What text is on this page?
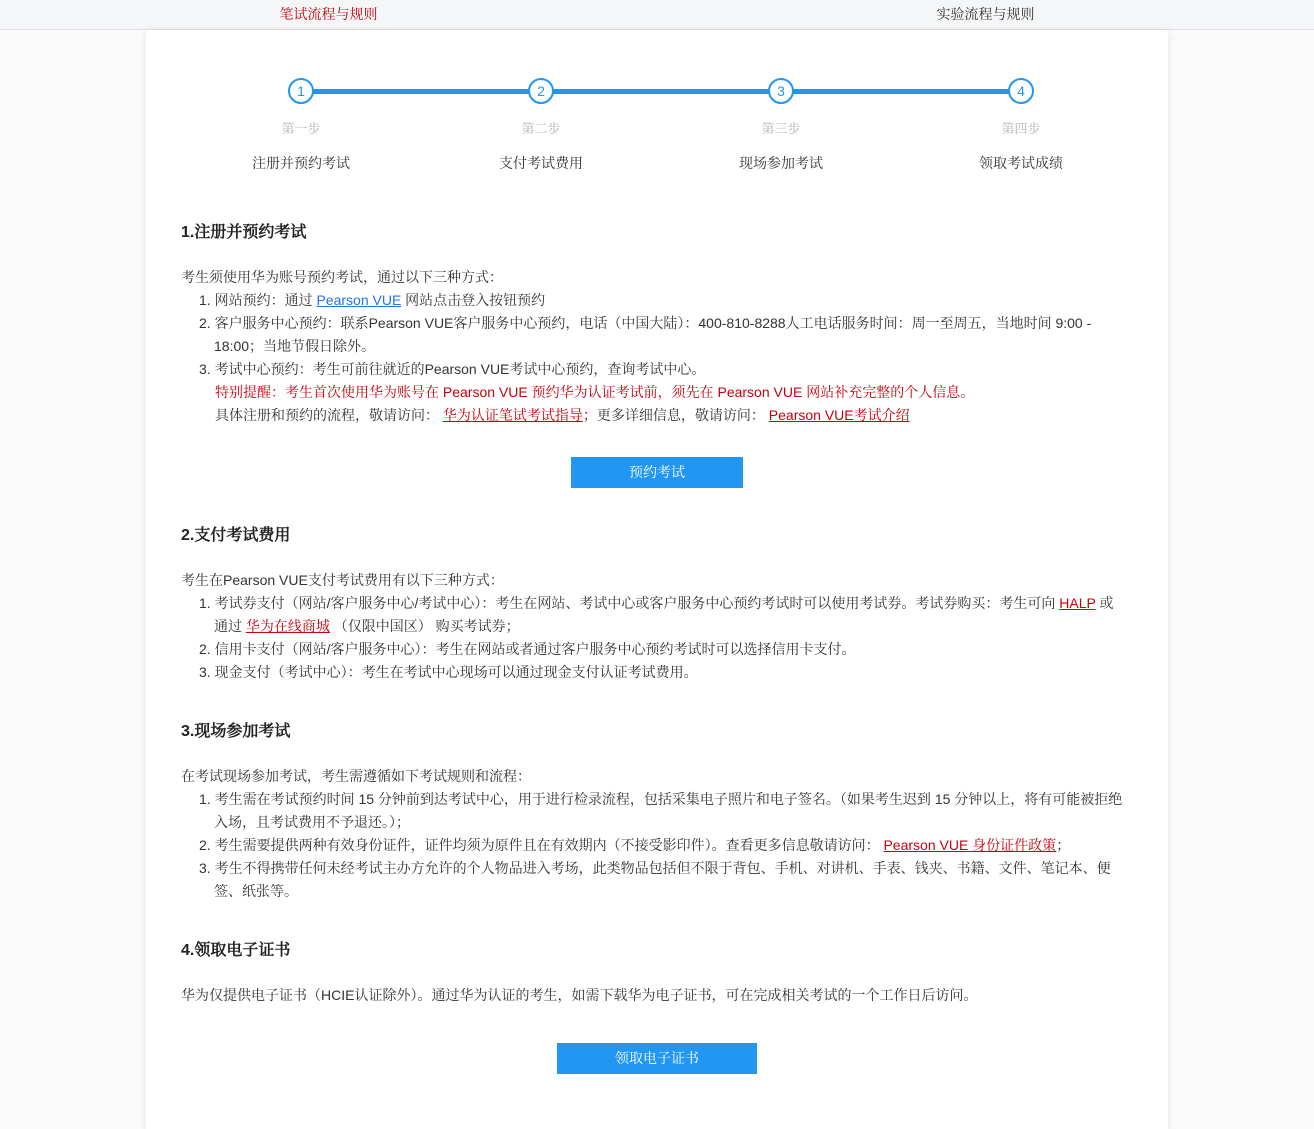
笔试流程与规则	实验流程与规则
1
第一步
注册并预约考试
2
第二步
支付考试费用
3
第三步
现场参加考试
4
第四步
领取考试成绩
1.注册并预约考试

考生须使用华为账号预约考试，通过以下三种方式：

1. 网站预约：通过 Pearson VUE 网站点击登入按钮预约
2. 客户服务中心预约：联系Pearson VUE客户服务中心预约，电话（中国大陆）：400-810-8288人工电话服务时间：周一至周五，当地时间 9:00 - 18:00；当地节假日除外。
3. 考试中心预约：考生可前往就近的Pearson VUE考试中心预约，查询考试中心。
特别提醒：考生首次使用华为账号在 Pearson VUE 预约华为认证考试前，须先在 Pearson VUE 网站补充完整的个人信息。
具体注册和预约的流程，敬请访问： 华为认证笔试考试指导；更多详细信息，敬请访问： Pearson VUE考试介绍
预约考试
2.支付考试费用

考生在Pearson VUE支付考试费用有以下三种方式：

1. 考试券支付（网站/客户服务中心/考试中心）：考生在网站、考试中心或客户服务中心预约考试时可以使用考试券。考试券购买：考生可向 HALP 或通过 华为在线商城 （仅限中国区） 购买考试券；
2. 信用卡支付（网站/客户服务中心）：考生在网站或者通过客户服务中心预约考试时可以选择信用卡支付。
3. 现金支付（考试中心）：考生在考试中心现场可以通过现金支付认证考试费用。
3.现场参加考试

在考试现场参加考试，考生需遵循如下考试规则和流程：

1. 考生需在考试预约时间 15 分钟前到达考试中心，用于进行检录流程，包括采集电子照片和电子签名。（如果考生迟到 15 分钟以上，将有可能被拒绝入场，且考试费用不予退还。）；
2. 考生需要提供两种有效身份证件，证件均须为原件且在有效期内（不接受影印件）。查看更多信息敬请访问： Pearson VUE 身份证件政策；
3. 考生不得携带任何未经考试主办方允许的个人物品进入考场，此类物品包括但不限于背包、手机、对讲机、手表、钱夹、书籍、文件、笔记本、便签、纸张等。
4.领取电子证书

华为仅提供电子证书（HCIE认证除外）。通过华为认证的考生，如需下载华为电子证书，可在完成相关考试的一个工作日后访问。

领取电子证书
